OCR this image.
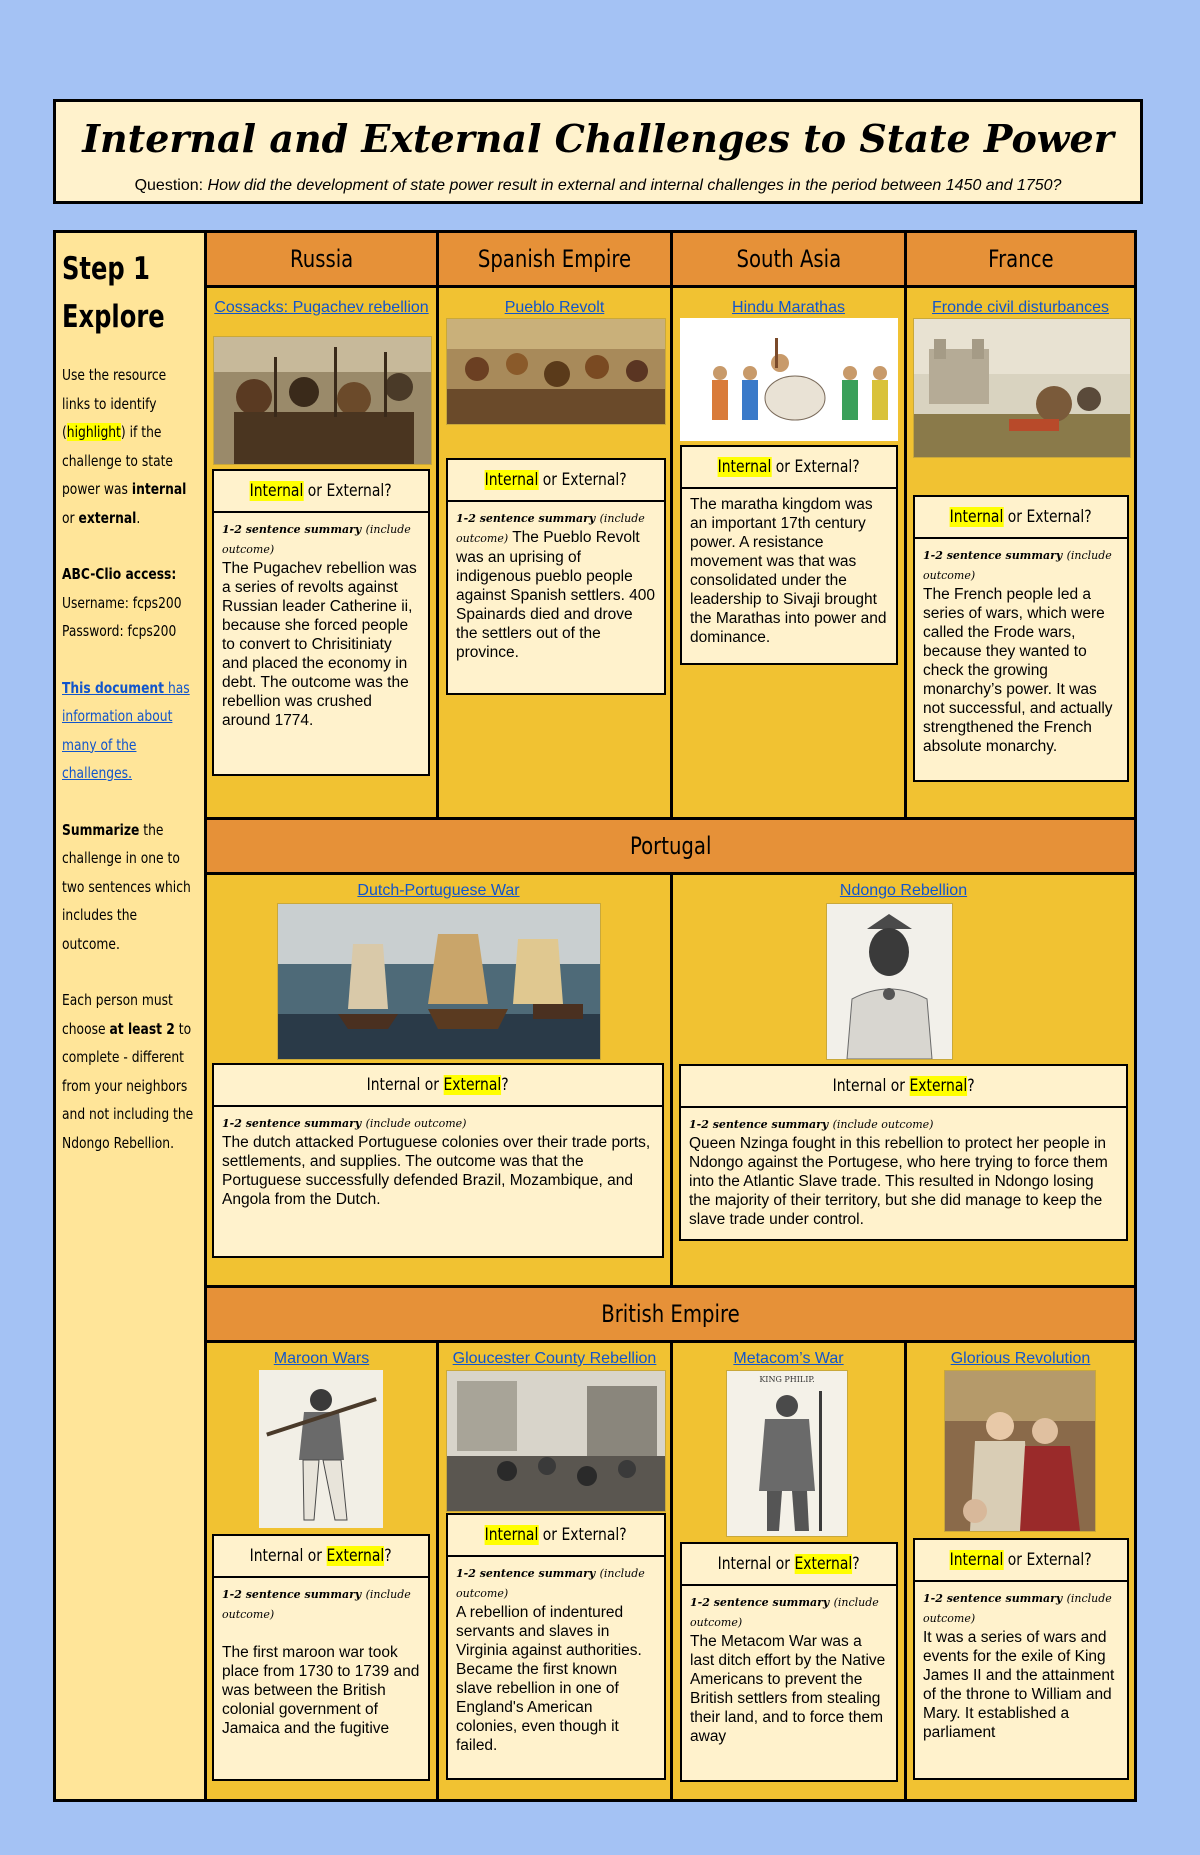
Internal and External Challenges to State Power
Question: How did the development of state power result in external and internal challenges in the period between 1450 and 1750?
Step 1
Explore

Use the resource links to identify (highlight) if the challenge to state power was internal or external.

ABC-Clio access:
Username: fcps200
Password: fcps200

This document has information about many of the challenges.

Summarize the challenge in one to two sentences which includes the outcome.

Each person must choose at least 2 to complete - different from your neighbors and not including the Ndongo Rebellion.

Russia	Spanish Empire	South Asia	France
Cossacks: Pugachev rebellion
Internal or External?
1-2 sentence summary (include outcome)
The Pugachev rebellion was a series of revolts against Russian leader Catherine ii, because she forced people to convert to Chrisitiniaty and placed the economy in debt. The outcome was the rebellion was crushed around 1774.
Pueblo Revolt
Internal or External?
1-2 sentence summary (include outcome) The Pueblo Revolt was an uprising of indigenous pueblo people against Spanish settlers. 400 Spainards died and drove the settlers out of the province.
Hindu Marathas
Internal or External?
The maratha kingdom was an important 17th century power. A resistance movement was that was consolidated under the leadership to Sivaji brought the Marathas into power and dominance.
Fronde civil disturbances
Internal or External?
1-2 sentence summary (include outcome)
The French people led a series of wars, which were called the Frode wars, because they wanted to check the growing monarchy’s power. It was not successful, and actually strengthened the French absolute monarchy.
Portugal
Dutch-Portuguese War
Internal or External?
1-2 sentence summary (include outcome)
The dutch attacked Portuguese colonies over their trade ports, settlements, and supplies. The outcome was that the Portuguese successfully defended Brazil, Mozambique, and Angola from the Dutch.
Ndongo Rebellion
Internal or External?
1-2 sentence summary (include outcome)
Queen Nzinga fought in this rebellion to protect her people in Ndongo against the Portugese, who here trying to force them into the Atlantic Slave trade. This resulted in Ndongo losing the majority of their territory, but she did manage to keep the slave trade under control.
British Empire
Maroon Wars
Internal or External?
1-2 sentence summary (include outcome)

The first maroon war took place from 1730 to 1739 and was between the British colonial government of Jamaica and the fugitive
Gloucester County Rebellion
Internal or External?
1-2 sentence summary (include outcome)
A rebellion of indentured servants and slaves in Virginia against authorities. Became the first known slave rebellion in one of England's American colonies, even though it failed.
Metacom’s War
KING PHILIP.
Internal or External?
1-2 sentence summary (include outcome)
The Metacom War was a last ditch effort by the Native Americans to prevent the British settlers from stealing their land, and to force them away
Glorious Revolution
Internal or External?
1-2 sentence summary (include outcome)
It was a series of wars and events for the exile of King James II and the attainment of the throne to William and Mary. It established a parliament
